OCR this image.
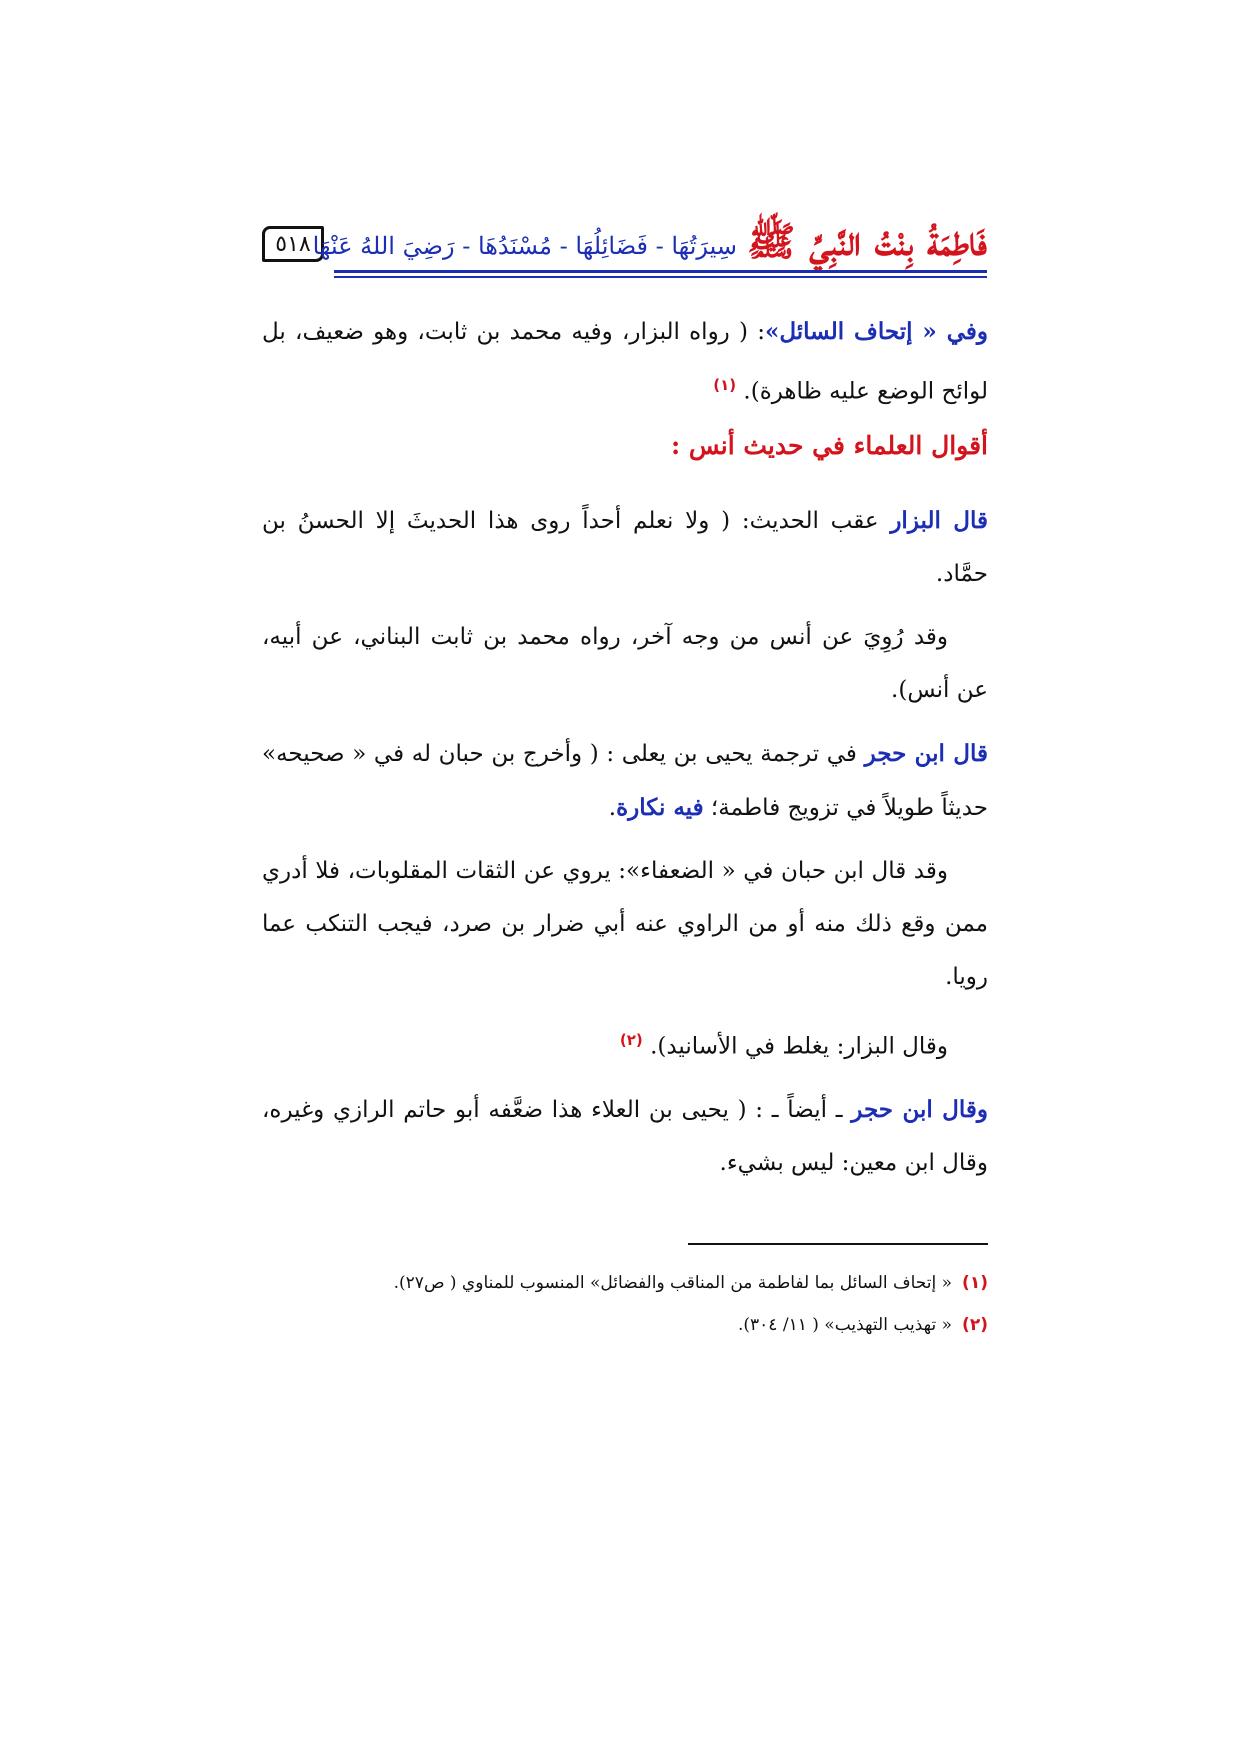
٥١٨	فَاطِمَةُ بِنْتُ النَّبِيِّ ﷺ
سِيرَتُهَا - فَضَائِلُهَا - مُسْنَدُهَا - رَضِيَ اللهُ عَنْهَا

وفي « إتحاف السائل»: ( رواه البزار، وفيه محمد بن ثابت، وهو ضعيف، بل لوائح الوضع عليه ظاهرة). $^{(١)}$

أقوال العلماء في حديث أنس :

قال البزار عقب الحديث: ( ولا نعلم أحداً روى هذا الحديثَ إلا الحسنُ بن حمَّاد.

وقد رُوِيَ عن أنس من وجه آخر، رواه محمد بن ثابت البناني، عن أبيه، عن أنس).

قال ابن حجر في ترجمة يحيى بن يعلى : ( وأخرج بن حبان له في « صحيحه» حديثاً طويلاً في تزويج فاطمة؛ فيه نكارة.

وقد قال ابن حبان في « الضعفاء»: يروي عن الثقات المقلوبات، فلا أدري ممن وقع ذلك منه أو من الراوي عنه أبي ضرار بن صرد، فيجب التنكب عما رويا.

وقال البزار: يغلط في الأسانيد). $^{(٢)}$

وقال ابن حجر ـ أيضاً ـ : ( يحيى بن العلاء هذا ضعَّفه أبو حاتم الرازي وغيره، وقال ابن معين: ليس بشيء.

(١)« إتحاف السائل بما لفاطمة من المناقب والفضائل» المنسوب للمناوي ( ص٢٧).

(٢)« تهذيب التهذيب» ( ١١/ ٣٠٤).
